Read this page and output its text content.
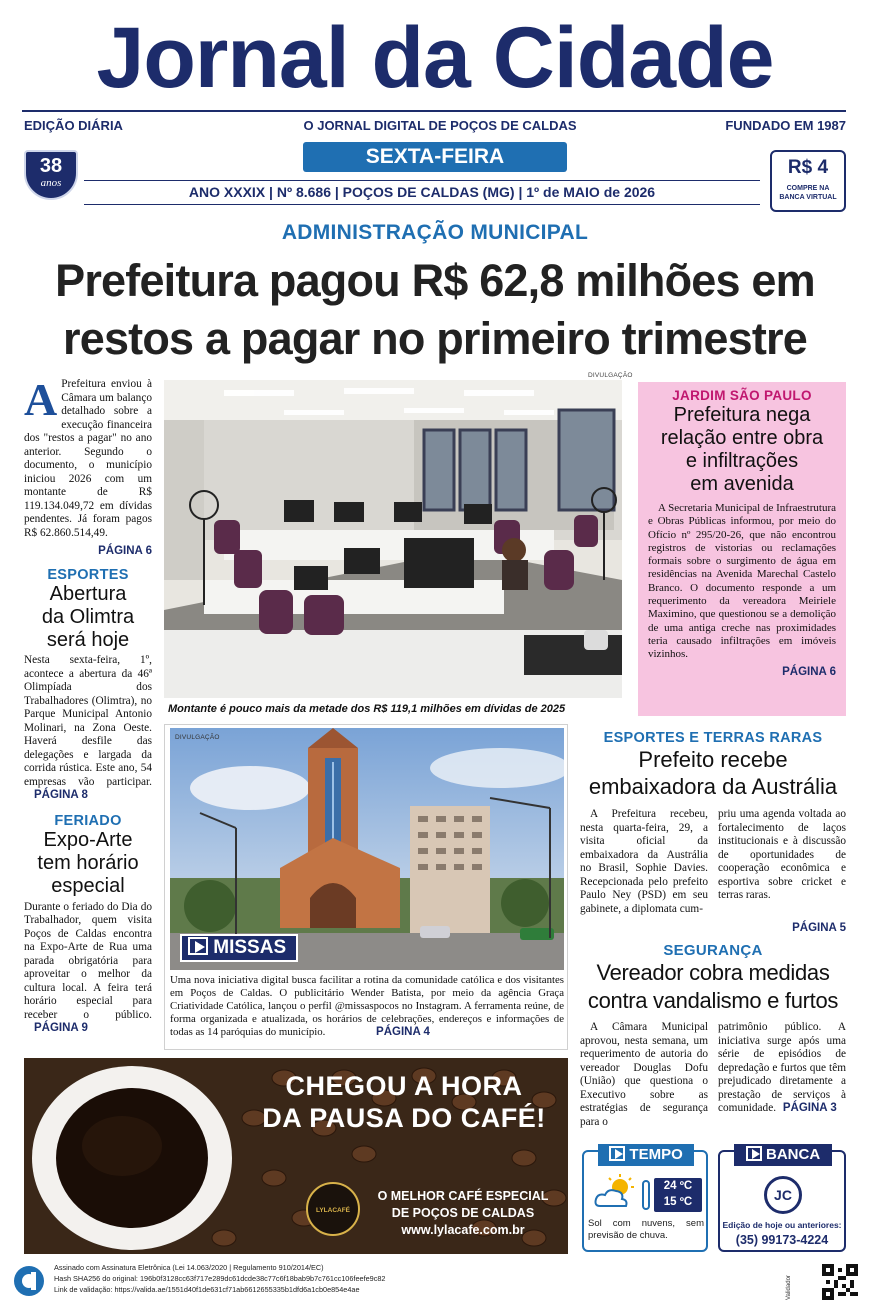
Jornal da Cidade
EDIÇÃO DIÁRIA	O JORNAL DIGITAL DE POÇOS DE CALDAS	FUNDADO EM 1987
38
anos
SEXTA-FEIRA
ANO XXXIX | Nº 8.686 | POÇOS DE CALDAS (MG) | 1º de MAIO de 2026
R$ 4
COMPRE NA
BANCA VIRTUAL
ADMINISTRAÇÃO MUNICIPAL
Prefeitura pagou R$ 62,8 milhões em
restos a pagar no primeiro trimestre
A Prefeitura enviou à Câmara um balanço detalhado sobre a execução financeira dos "restos a pagar" no ano anterior. Segundo o documento, o município iniciou 2026 com um montante de R$ 119.134.049,72 em dívidas pendentes. Já foram pagos R$ 62.860.514,49.
PÁGINA 6
ESPORTES
Abertura
da Olimtra
será hoje
Nesta sexta-feira, 1º, acontece a abertura da 46ª Olimpíada dos Trabalhadores (Olimtra), no Parque Municipal Antonio Molinari, na Zona Oeste. Haverá desfile das delegações e largada da corrida rústica. Este ano, 54 empresas vão participar. PÁGINA 8
FERIADO
Expo-Arte
tem horário
especial
Durante o feriado do Dia do Trabalhador, quem visita Poços de Caldas encontra na Expo-Arte de Rua uma parada obrigatória para aproveitar o melhor da cultura local. A feira terá horário especial para receber o público. PÁGINA 9
DIVULGAÇÃO
Montante é pouco mais da metade dos R$ 119,1 milhões em dívidas de 2025
JARDIM SÃO PAULO
Prefeitura nega
relação entre obra
e infiltrações
em avenida
A Secretaria Municipal de Infraestrutura e Obras Públicas informou, por meio do Ofício nº 295/20-26, que não encontrou registros de vistorias ou reclamações formais sobre o surgimento de água em residências na Avenida Marechal Castelo Branco. O documento responde a um requerimento da vereadora Meiriele Maximino, que questionou se a demolição de uma antiga creche nas proximidades teria causado infiltrações em imóveis vizinhos.
PÁGINA 6
DIVULGAÇÃO
MISSAS
Uma nova iniciativa digital busca facilitar a rotina da comunidade católica e dos visitantes em Poços de Caldas. O publicitário Wender Batista, por meio da agência Graça Criatividade Católica, lançou o perfil @missaspocos no Instagram. A ferramenta reúne, de forma organizada e atualizada, os horários de celebrações, endereços e informações de todas as 14 paróquias do município.	PÁGINA 4
ESPORTES E TERRAS RARAS
Prefeito recebe
embaixadora da Austrália
A Prefeitura recebeu, nesta quarta-feira, 29, a visita oficial da embaixadora da Austrália no Brasil, Sophie Davies. Recepcionada pelo prefeito Paulo Ney (PSD) em seu gabinete, a diplomata cum-
priu uma agenda voltada ao fortalecimento de laços institucionais e à discussão de oportunidades de cooperação econômica e esportiva sobre cricket e terras raras.
PÁGINA 5
SEGURANÇA
Vereador cobra medidas
contra vandalismo e furtos
A Câmara Municipal aprovou, nesta semana, um requerimento de autoria do vereador Douglas Dofu (União) que questiona o Executivo sobre as estratégias de segurança para o
patrimônio público. A iniciativa surge após uma série de episódios de depredação e furtos que têm prejudicado diretamente a prestação de serviços à comunidade. PÁGINA 3
CHEGOU A HORA
DA PAUSA DO CAFÉ!
LYLACAFÉ
O MELHOR CAFÉ ESPECIAL
DE POÇOS DE CALDAS
www.lylacafe.com.br
TEMPO
24 ºC
15 ºC
Sol com nuvens, sem previsão de chuva.
BANCA
JC
Edição de hoje ou anteriores:
(35) 99173-4224
Assinado com Assinatura Eletrônica (Lei 14.063/2020 | Regulamento 910/2014/EC)
Hash SHA256 do original: 196b0f3128cc63f717e289dc61dcde38c77c6f18bab9b7c761cc106feefe9c82
Link de validação: https://valida.ae/1551d40f1de631cf71ab6612655335b1dfd6a1cb0e854e4ae	Validador
